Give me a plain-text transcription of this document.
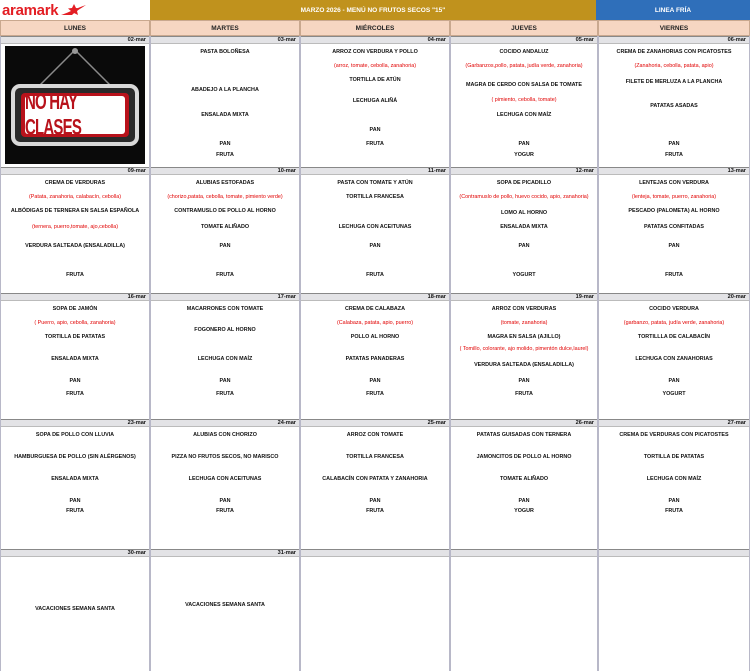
aramark	MARZO 2026 - MENÚ NO FRUTOS SECOS "15"	LINEA FRÍA
LUNES	MARTES	MIÉRCOLES	JUEVES	VIERNES
02-mar
NO HAY CLASES
03-mar
PASTA BOLOÑESA
ABADEJO A LA PLANCHA
ENSALADA MIXTA
PAN
FRUTA
04-mar
ARROZ CON VERDURA Y POLLO
(arroz, tomate, cebolla, zanahoria)
TORTILLA DE ATÚN
LECHUGA ALIÑÁ
PAN
FRUTA
05-mar
COCIDO ANDALUZ
(Garbanzos,pollo, patata, judía verde, zanahoria)
MAGRA DE CERDO CON SALSA DE TOMATE
( pimiento, cebolla, tomate)
LECHUGA CON MAÍZ
PAN
YOGUR
06-mar
CREMA DE ZANAHORIAS CON PICATOSTES
(Zanahoria, cebolla, patata, apio)
FILETE DE MERLUZA A LA PLANCHA
PATATAS ASADAS
PAN
FRUTA
09-mar
CREMA DE VERDURAS
(Patata, zanahoria, calabacín, cebolla)
ALBÓDIGAS DE TERNERA EN SALSA ESPAÑOLA
(ternera, puerro,tomate, ajo,cebolla)
VERDURA SALTEADA (ENSALADILLA)
FRUTA
10-mar
ALUBIAS ESTOFADAS
(chorizo,patata, cebolla, tomate, pimiento verde)
CONTRAMUSLO DE POLLO AL HORNO
TOMATE ALIÑADO
PAN
FRUTA
11-mar
PASTA CON TOMATE Y ATÚN
TORTILLA FRANCESA
LECHUGA CON ACEITUNAS
PAN
FRUTA
12-mar
SOPA DE PICADILLO
(Contramuslo de pollo, huevo cocido, apio, zanahoria)
LOMO AL HORNO
ENSALADA MIXTA
PAN
YOGURT
13-mar
LENTEJAS CON VERDURA
(lenteja, tomate, puerro, zanahoria)
PESCADO (PALOMETA) AL HORNO
PATATAS CONFITADAS
PAN
FRUTA
16-mar
SOPA DE JAMÓN
( Puerro, apio, cebolla, zanahoria)
TORTILLA DE PATATAS
ENSALADA MIXTA
PAN
FRUTA
17-mar
MACARRONES CON TOMATE
FOGONERO AL HORNO
LECHUGA CON MAÍZ
PAN
FRUTA
18-mar
CREMA DE CALABAZA
(Calabaza, patata, apio, puerro)
POLLO AL HORNO
PATATAS PANADERAS
PAN
FRUTA
19-mar
ARROZ CON VERDURAS
(tomate, zanahoria)
MAGRA EN SALSA (AJILLO)
( Tomillo, colorante, ajo molido, pimentón dulce,laurel)
VERDURA SALTEADA (ENSALADILLA)
PAN
FRUTA
20-mar
COCIDO VERDURA
(garbanzo, patata, judía verde, zanahoria)
TORTILLLA DE CALABACÍN
LECHUGA CON ZANAHORIAS
PAN
YOGURT
23-mar
SOPA DE POLLO CON LLUVIA
HAMBURGUESA DE POLLO (SIN ALÉRGENOS)
ENSALADA MIXTA
PAN
FRUTA
24-mar
ALUBIAS CON CHORIZO
PIZZA NO FRUTOS SECOS, NO MARISCO
LECHUGA CON ACEITUNAS
PAN
FRUTA
25-mar
ARROZ CON TOMATE
TORTILLA FRANCESA
CALABACÍN CON PATATA Y ZANAHORIA
PAN
FRUTA
26-mar
PATATAS GUISADAS CON TERNERA
JAMONCITOS DE POLLO AL HORNO
TOMATE ALIÑADO
PAN
YOGUR
27-mar
CREMA DE VERDURAS CON PICATOSTES
TORTILLA DE PATATAS
LECHUGA CON MAÍZ
PAN
FRUTA
30-mar
VACACIONES SEMANA SANTA
31-mar
VACACIONES SEMANA SANTA
